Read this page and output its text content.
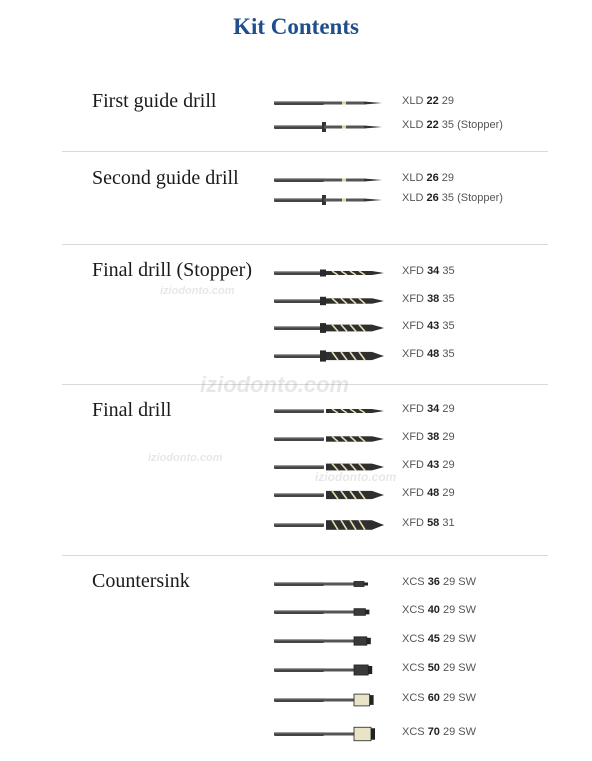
Kit Contents
First guide drill	XLD 22 29
XLD 22 35 (Stopper)
Second guide drill	XLD 26 29
XLD 26 35 (Stopper)
Final drill (Stopper)	XFD 34 35
XFD 38 35
XFD 43 35
XFD 48 35
Final drill	XFD 34 29
XFD 38 29
XFD 43 29
XFD 48 29
XFD 58 31
Countersink	XCS 36 29 SW
XCS 40 29 SW
XCS 45 29 SW
XCS 50 29 SW
XCS 60 29 SW
XCS 70 29 SW
iziodonto.com
iziodonto.com
iziodonto.com
iziodonto.com
